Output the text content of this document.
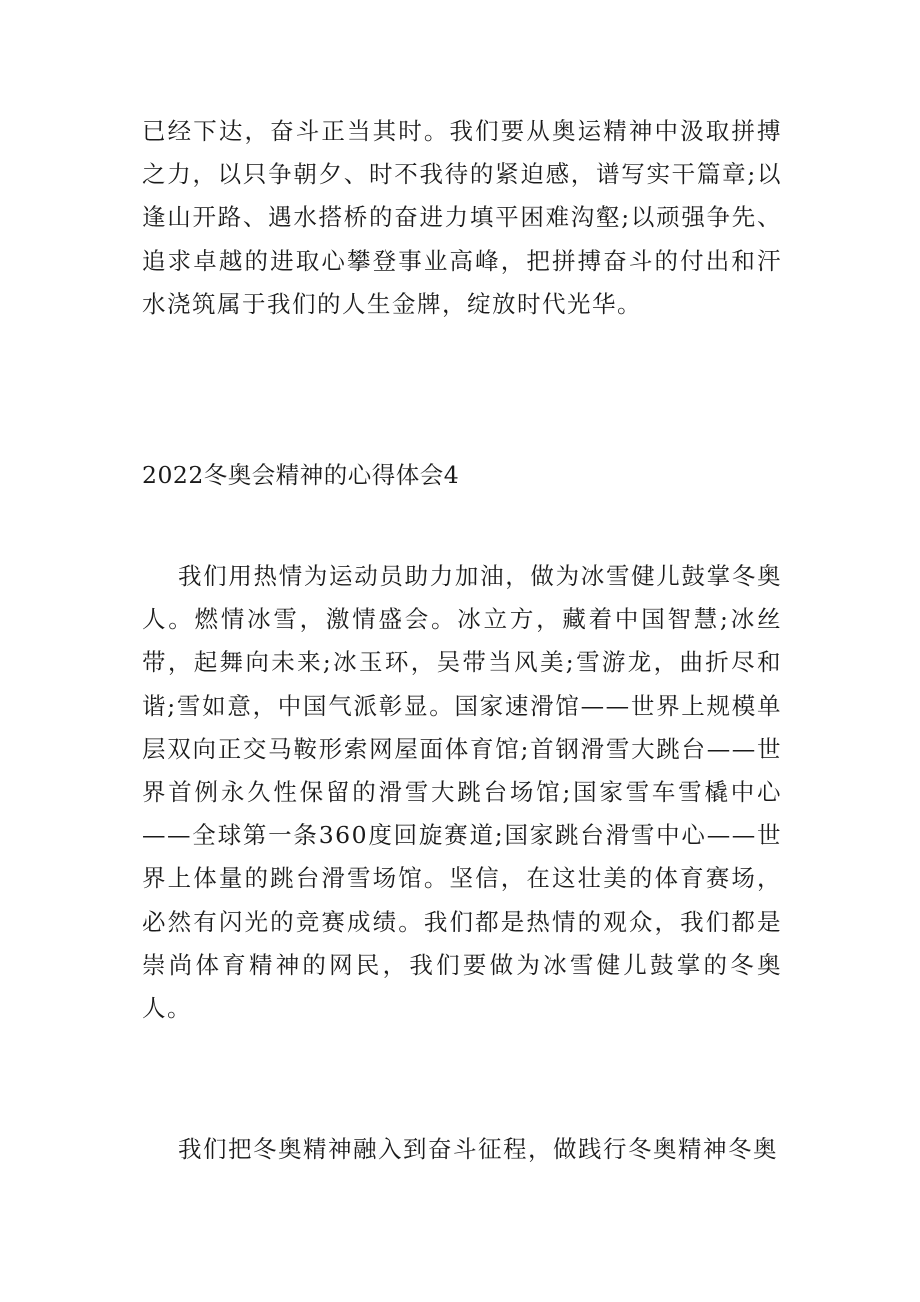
已经下达，奋斗正当其时。我们要从奥运精神中汲取拼搏之力，以只争朝夕、时不我待的紧迫感，谱写实干篇章;以逢山开路、遇水搭桥的奋进力填平困难沟壑;以顽强争先、追求卓越的进取心攀登事业高峰，把拼搏奋斗的付出和汗水浇筑属于我们的人生金牌，绽放时代光华。
2022冬奥会精神的心得体会4
我们用热情为运动员助力加油，做为冰雪健儿鼓掌冬奥人。燃情冰雪，激情盛会。冰立方，藏着中国智慧;冰丝带，起舞向未来;冰玉环，吴带当风美;雪游龙，曲折尽和谐;雪如意，中国气派彰显。国家速滑馆——世界上规模单层双向正交马鞍形索网屋面体育馆;首钢滑雪大跳台——世界首例永久性保留的滑雪大跳台场馆;国家雪车雪橇中心——全球第一条360度回旋赛道;国家跳台滑雪中心——世界上体量的跳台滑雪场馆。坚信，在这壮美的体育赛场，必然有闪光的竞赛成绩。我们都是热情的观众，我们都是崇尚体育精神的网民，我们要做为冰雪健儿鼓掌的冬奥人。
我们把冬奥精神融入到奋斗征程，做践行冬奥精神冬奥
